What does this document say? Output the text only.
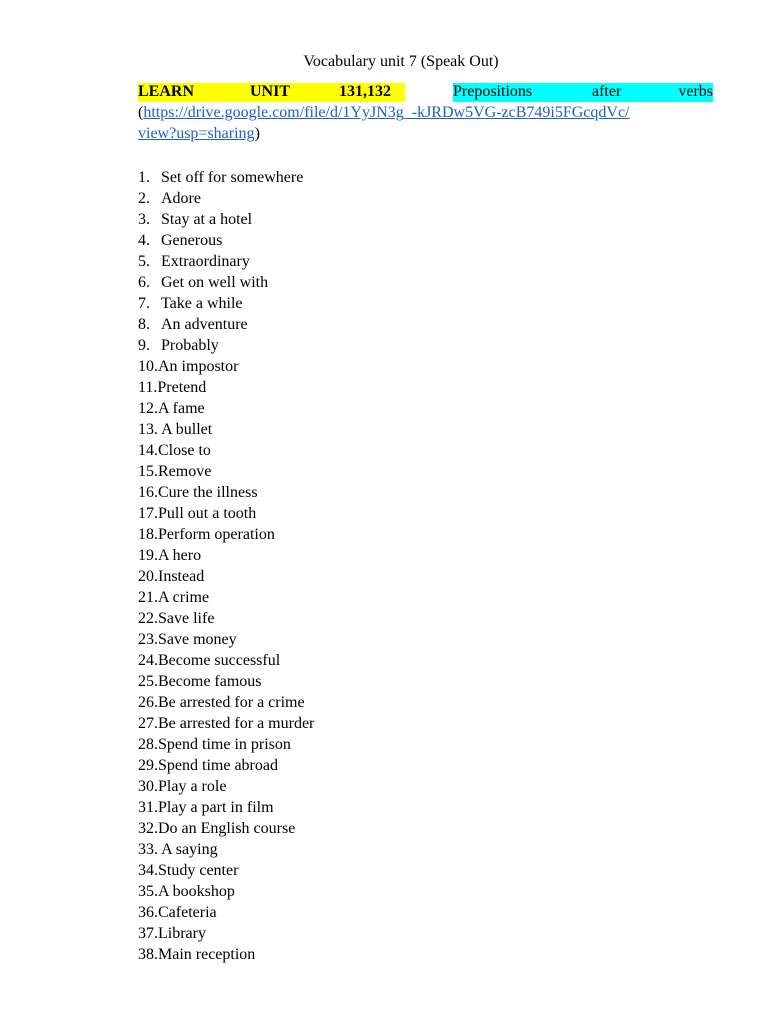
Vocabulary unit 7 (Speak Out)
LEARN	UNIT	131,132	Prepositions	after	verbs
(https://drive.google.com/file/d/1YyJN3g_-kJRDw5VG-zcB749i5FGcqdVc/
view?usp=sharing)
1. Set off for somewhere
2. Adore
3. Stay at a hotel
4. Generous
5. Extraordinary
6. Get on well with
7. Take a while
8. An adventure
9. Probably
10.An impostor
11.Pretend
12.A fame
13. A bullet
14.Close to
15.Remove
16.Cure the illness
17.Pull out a tooth
18.Perform operation
19.A hero
20.Instead
21.A crime
22.Save life
23.Save money
24.Become successful
25.Become famous
26.Be arrested for a crime
27.Be arrested for a murder
28.Spend time in prison
29.Spend time abroad
30.Play a role
31.Play a part in film
32.Do an English course
33. A saying
34.Study center
35.A bookshop
36.Cafeteria
37.Library
38.Main reception
